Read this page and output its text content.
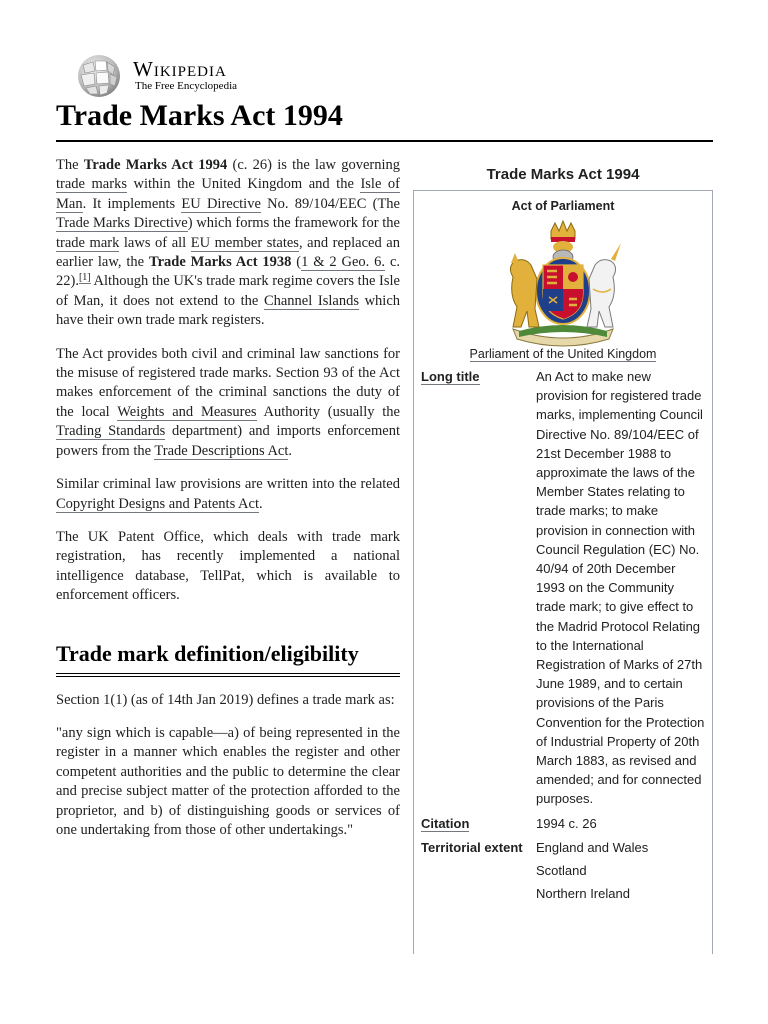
Wikipedia
The Free Encyclopedia
Trade Marks Act 1994

The Trade Marks Act 1994 (c. 26) is the law governing trade marks within the United Kingdom and the Isle of Man. It implements EU Directive No. 89/104/EEC (The Trade Marks Directive) which forms the framework for the trade mark laws of all EU member states, and replaced an earlier law, the Trade Marks Act 1938 (1 & 2 Geo. 6. c. 22).[1] Although the UK's trade mark regime covers the Isle of Man, it does not extend to the Channel Islands which have their own trade mark registers.

The Act provides both civil and criminal law sanctions for the misuse of registered trade marks. Section 93 of the Act makes enforcement of the criminal sanctions the duty of the local Weights and Measures Authority (usually the Trading Standards department) and imports enforcement powers from the Trade Descriptions Act.

Similar criminal law provisions are written into the related Copyright Designs and Patents Act.

The UK Patent Office, which deals with trade mark registration, has recently implemented a national intelligence database, TellPat, which is available to enforcement officers.

Trade mark definition/eligibility

Section 1(1) (as of 14th Jan 2019) defines a trade mark as:

"any sign which is capable—a) of being represented in the register in a manner which enables the register and other competent authorities and the public to determine the clear and precise subject matter of the protection afforded to the proprietor, and b) of distinguishing goods or services of one undertaking from those of other undertakings."

Trade Marks Act 1994
Act of Parliament
Parliament of the United Kingdom
Long title	An Act to make new provision for registered trade marks, implementing Council Directive No. 89/104/EEC of 21st December 1988 to approximate the laws of the Member States relating to trade marks; to make provision in connection with Council Regulation (EC) No. 40/94 of 20th December 1993 on the Community trade mark; to give effect to the Madrid Protocol Relating to the International Registration of Marks of 27th June 1989, and to certain provisions of the Paris Convention for the Protection of Industrial Property of 20th March 1883, as revised and amended; and for connected purposes.
Citation	1994 c. 26
Territorial extent	England and Wales
Scotland
Northern Ireland
